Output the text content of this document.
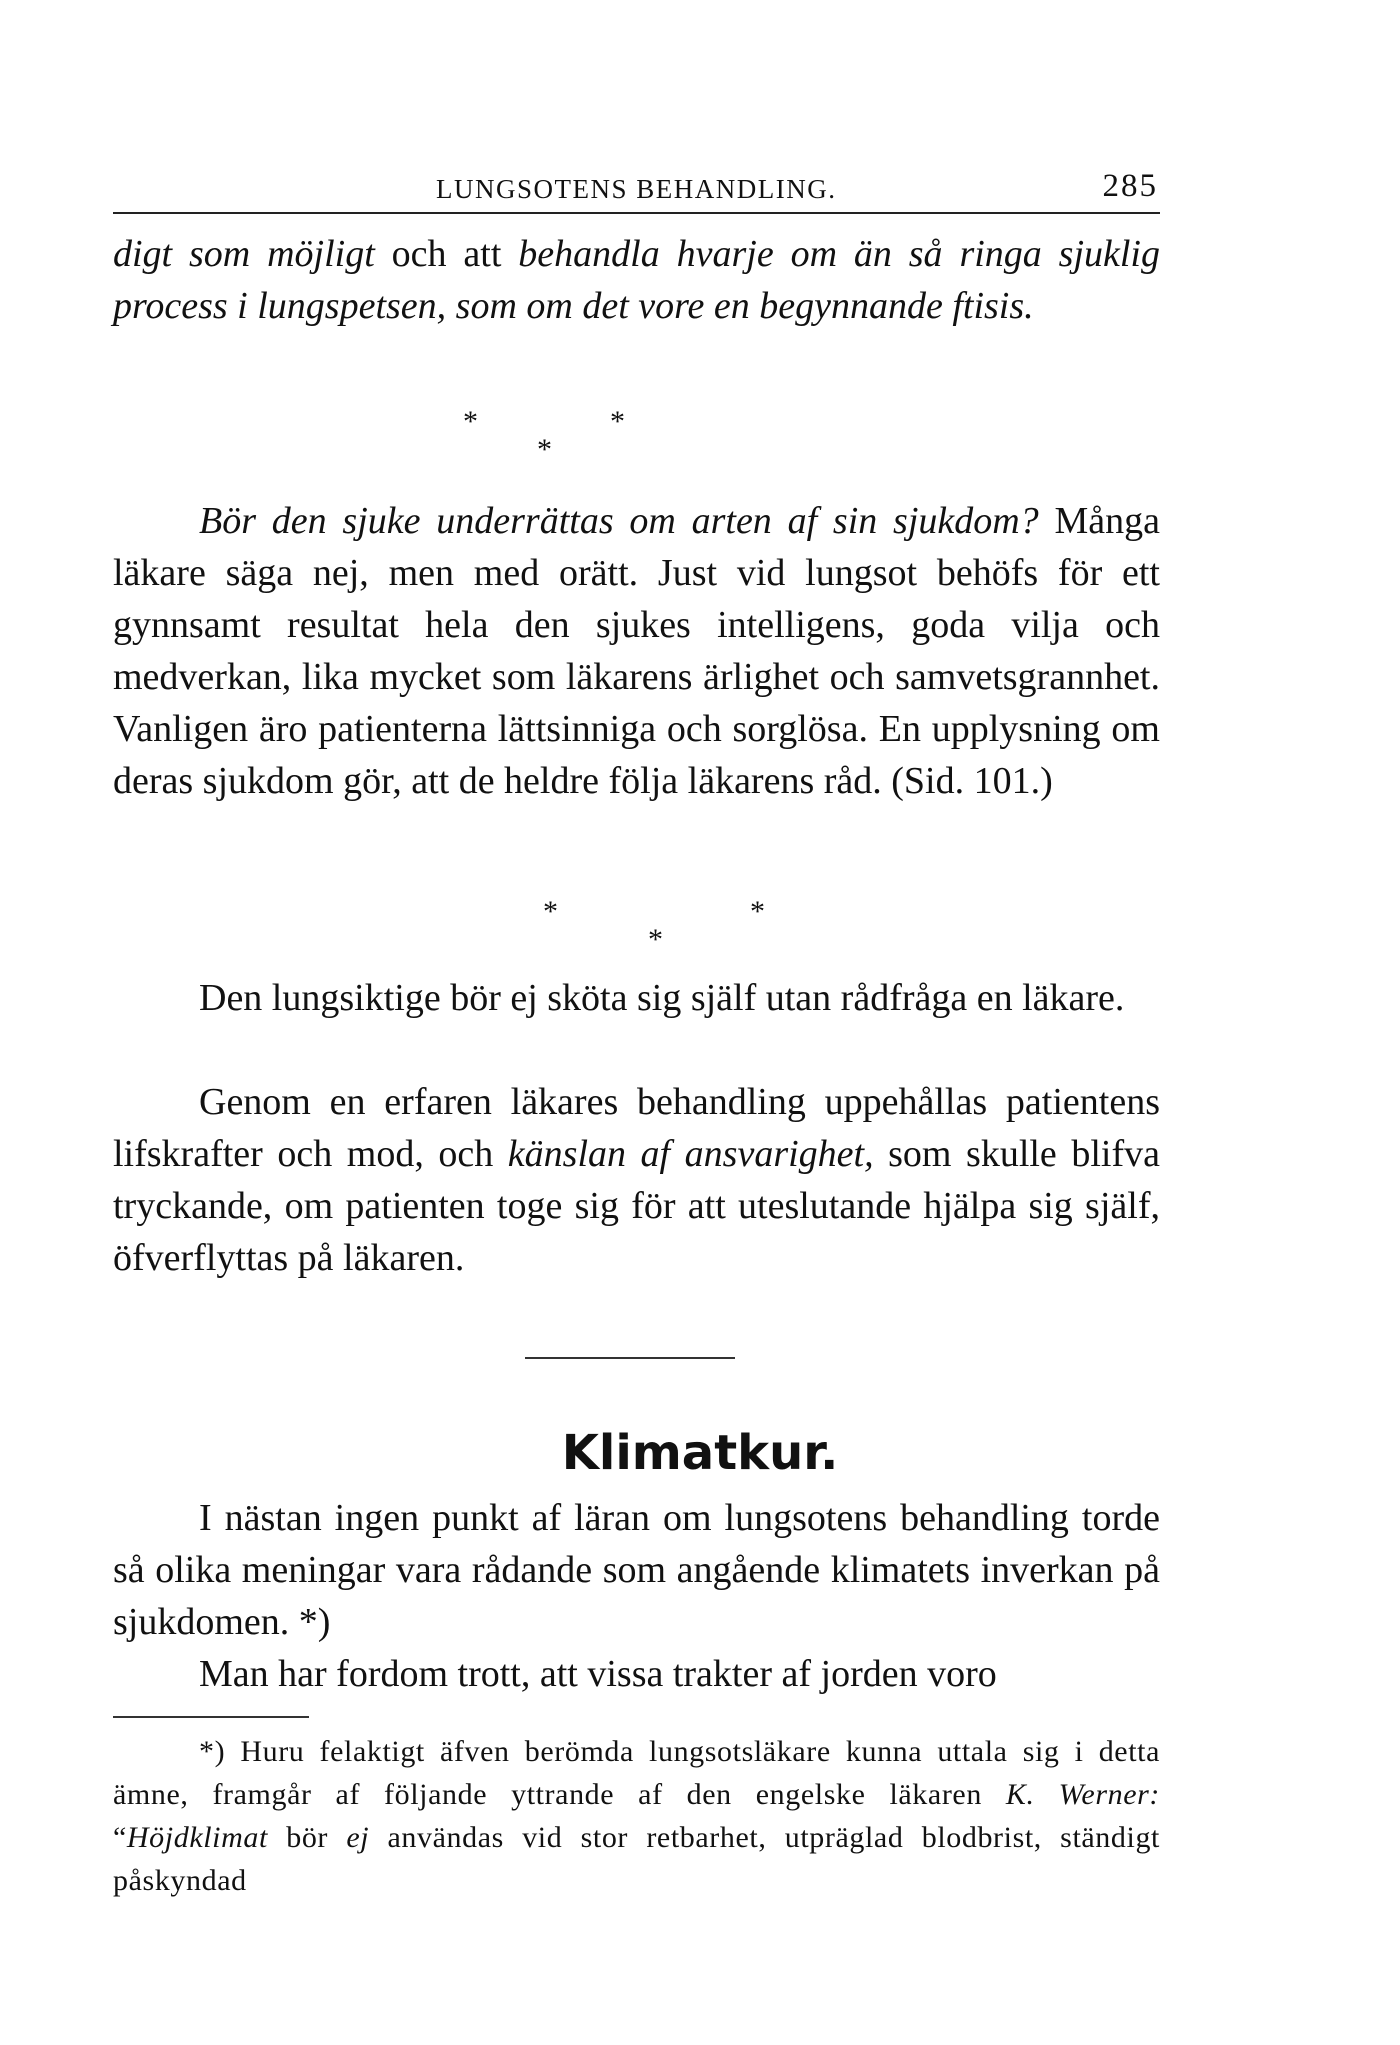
LUNGSOTENS BEHANDLING.	285

digt som möjligt och att behandla hvarje om än så ringa sjuklig process i lungspetsen, som om det vore en begynnande ftisis.

*	*
*

Bör den sjuke underrättas om arten af sin sjukdom? Många läkare säga nej, men med orätt. Just vid lungsot behöfs för ett gynnsamt resultat hela den sjukes intelligens, goda vilja och medverkan, lika mycket som läkarens ärlighet och samvetsgrannhet. Vanligen äro patienterna lättsinniga och sorglösa. En upplysning om deras sjukdom gör, att de heldre följa läkarens råd. (Sid. 101.)

*	*
*

Den lungsiktige bör ej sköta sig själf utan rådfråga en läkare.

Genom en erfaren läkares behandling uppehållas patientens lifskrafter och mod, och känslan af ansvarighet, som skulle blifva tryckande, om patienten toge sig för att uteslutande hjälpa sig själf, öfverflyttas på läkaren.

Klimatkur.

I nästan ingen punkt af läran om lungsotens behandling torde så olika meningar vara rådande som angående klimatets inverkan på sjukdomen. *)

Man har fordom trott, att vissa trakter af jorden voro

*) Huru felaktigt äfven berömda lungsotsläkare kunna uttala sig i detta ämne, framgår af följande yttrande af den engelske läkaren K. Werner: “Höjdklimat bör ej användas vid stor retbarhet, utpräglad blodbrist, ständigt påskyndad
